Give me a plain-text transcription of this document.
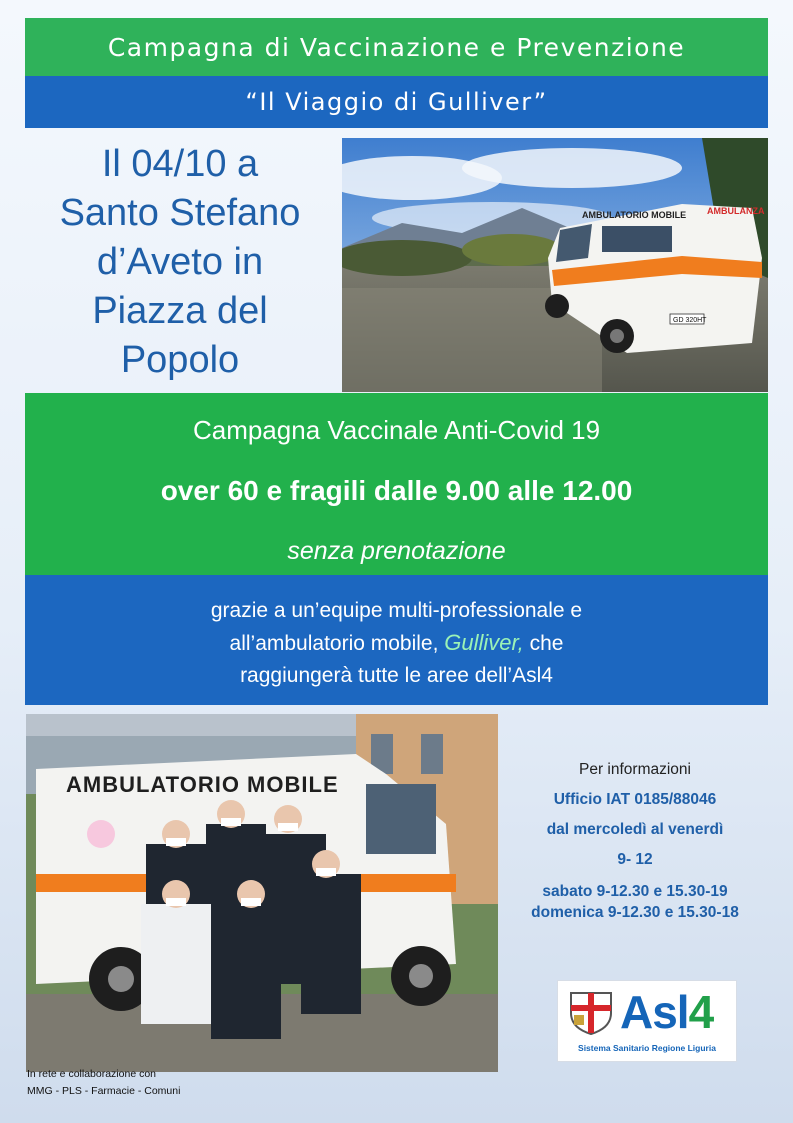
Campagna di Vaccinazione e Prevenzione
“Il Viaggio di Gulliver”
Il 04/10 a
Santo Stefano
d’Aveto in
Piazza del
Popolo
AMBULATORIO MOBILE AMBULANZA
GD 320HT
Campagna Vaccinale Anti-Covid 19
over 60 e fragili dalle 9.00 alle 12.00
senza prenotazione
grazie a un’equipe multi-professionale e
all’ambulatorio mobile, Gulliver, che
raggiungerà tutte le aree dell’Asl4
AMBULATORIO MOBILE
Per informazioni
Ufficio IAT 0185/88046
dal mercoledì al venerdì
9- 12
sabato 9-12.30 e 15.30-19
domenica 9-12.30 e 15.30-18
Asl4
Sistema Sanitario Regione Liguria
In rete e collaborazione con
MMG - PLS - Farmacie - Comuni
